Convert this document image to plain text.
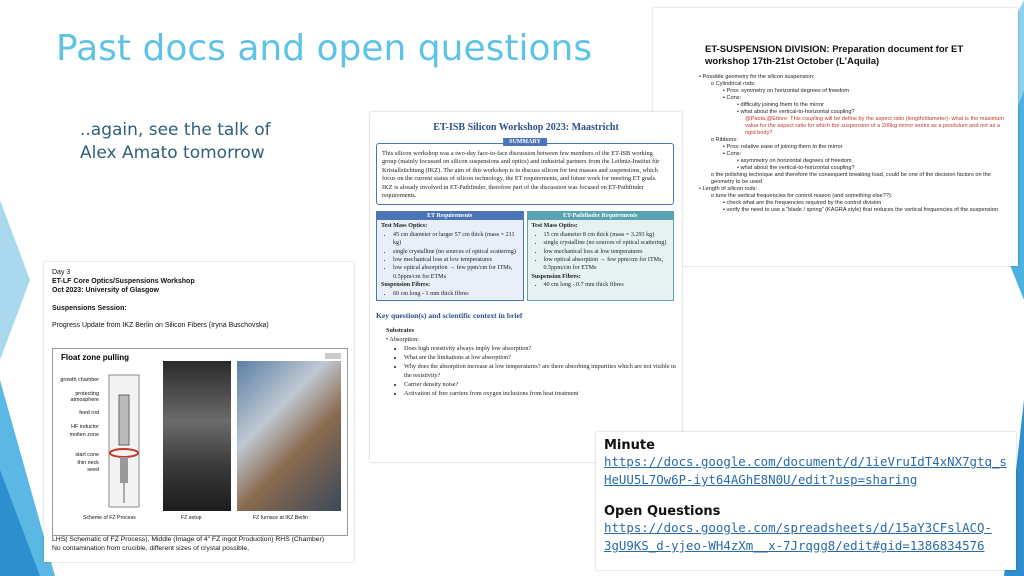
Past docs and open questions
..again, see the talk of
Alex Amato tomorrow
ET-SUSPENSION DIVISION: Preparation document for ET workshop 17th-21st October (L’Aquila)
• Possible geometry for the silicon suspension:
o Cylindrical rods:
▪ Pros: symmetry on horizontal degrees of freedom
▪ Cons:
• difficulty joining them to the mirror
• what about the vertical-to-horizontal coupling?
@Paola,@Ettore: This coupling will be define by the aspect ratio (length/diameter)- what is the maximum value for the aspect ratio for which the suspension of a 200kg mirror works as a pendulum and not as a rigid body?
o Ribbons:
▪ Pros: relative ease of joining them to the mirror
▪ Cons:
• asymmetry on horizontal degrees of freedom
• what about the vertical-to-horizontal coupling?
o the polishing technique and therefore the consequent breaking load, could be one of the decision factors on the geometry to be used
• Length of silicon rods:
o tune the vertical frequencies for control reason (and something else??):
▪ check what are the frequencies required by the control division
▪ verify the need to use a “blade / spring” (KAGRA style) that reduces the vertical frequencies of the suspension
ET-ISB Silicon Workshop 2023: Maastricht
SUMMARY
This silicon workshop was a two-day face-to-face discussion between few members of the ET-ISB working group (mainly focussed on silicon suspensions and optics) and industrial partners from the Leibniz-Institut für Kristallzüchtung (IKZ). The aim of this workshop is to discuss silicon for test masses and suspensions, which focus on the current status of silicon technology, the ET requirements, and future work for meeting ET goals. IKZ is already involved in ET-Pathfinder, therefore part of the discussion was focused on ET-Pathfinder requirements.
ET Requirements
Test Mass Optics:
• 45 cm diameter or larger 57 cm thick (mass = 211 kg)
• single crystalline (no sources of optical scattering)
• low mechanical loss at low temperatures
• low optical absorption → few ppm/cm for ITMs, 0.5ppm/cm for ETMs
Suspension Fibres:
• 60 cm long - 1 mm thick fibres
ET-Pathfinder Requirements
Test Mass Optics:
• 15 cm diameter 8 cm thick (mass = 3.293 kg)
• single crystalline (no sources of optical scattering)
• low mechanical loss at low temperatures
• low optical absorption → few ppm/cm for ITMs, 0.5ppm/cm for ETMs
Suspension Fibres:
• 40 cm long - 0.7 mm thick fibres
Key question(s) and scientific context in brief
Substrates
• Absorption:
• Does high resistivity always imply low absorption?
• What are the limitations at low absorption?
• Why does the absorption increase at low temperatures? are there absorbing impurities which are not visible in the resistivity?
• Carrier density noise?
• Activation of free carriers from oxygen inclusions from heat treatment
Day 3
ET-LF Core Optics/Suspensions Workshop
Oct 2023: University of Glasgow
Suspensions Session:
Progress Update from IKZ Berlin on Silicon Fibers (Iryna Buschovska)
Float zone pulling
growth chamber
protecting atmosphere
feed rod
HF inductor
molten zone
start cone
thin neck
seed
Scheme of FZ Process	FZ setup	FZ furnace at IKZ Berlin
LHS( Schematic of FZ Process), Middle (Image of 4" FZ ingot Production) RHS (Chamber)
No contamination from crucible, different sizes of crystal possible,
Minute
https://docs.google.com/document/d/1ieVruIdT4xNX7gtq_s
HeUU5L7Ow6P-iyt64AGhE8N0U/edit?usp=sharing
Open Questions
https://docs.google.com/spreadsheets/d/15aY3CFslACQ-
3gU9KS_d-yjeo-WH4zXm__x-7Jrqgg8/edit#gid=1386834576
